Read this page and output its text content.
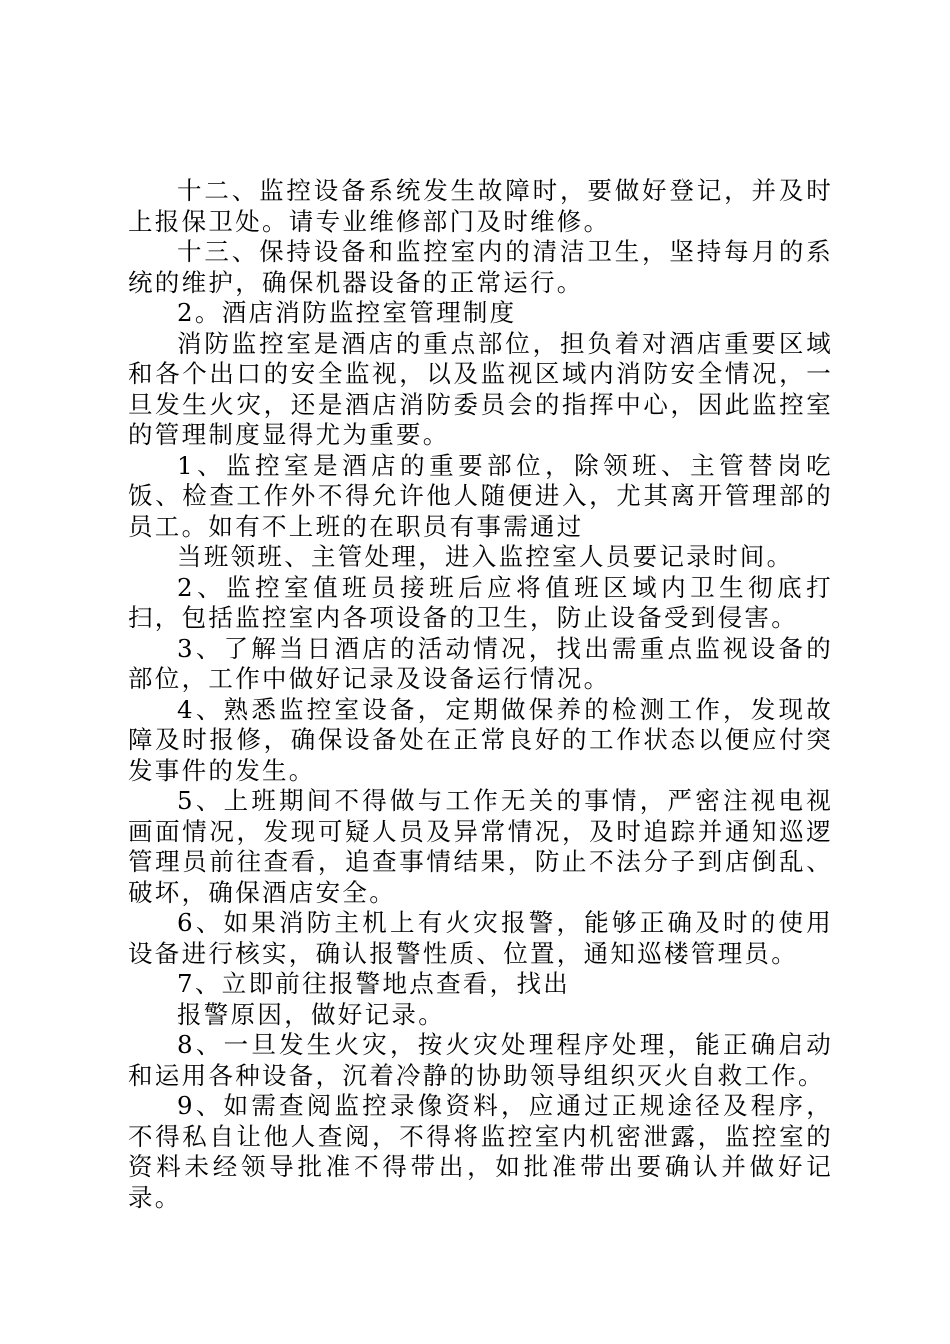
十二、监控设备系统发生故障时，要做好登记，并及时上报保卫处。请专业维修部门及时维修。

十三、保持设备和监控室内的清洁卫生，坚持每月的系统的维护，确保机器设备的正常运行。

2。酒店消防监控室管理制度

消防监控室是酒店的重点部位，担负着对酒店重要区域和各个出口的安全监视，以及监视区域内消防安全情况，一旦发生火灾，还是酒店消防委员会的指挥中心，因此监控室的管理制度显得尤为重要。

1、监控室是酒店的重要部位，除领班、主管替岗吃饭、检查工作外不得允许他人随便进入，尤其离开管理部的员工。如有不上班的在职员有事需通过

当班领班、主管处理，进入监控室人员要记录时间。

2、监控室值班员接班后应将值班区域内卫生彻底打扫，包括监控室内各项设备的卫生，防止设备受到侵害。

3、了解当日酒店的活动情况，找出需重点监视设备的部位，工作中做好记录及设备运行情况。

4、熟悉监控室设备，定期做保养的检测工作，发现故障及时报修，确保设备处在正常良好的工作状态以便应付突发事件的发生。

5、上班期间不得做与工作无关的事情，严密注视电视画面情况，发现可疑人员及异常情况，及时追踪并通知巡逻管理员前往查看，追查事情结果，防止不法分子到店倒乱、破坏，确保酒店安全。

6、如果消防主机上有火灾报警，能够正确及时的使用设备进行核实，确认报警性质、位置，通知巡楼管理员。

7、立即前往报警地点查看，找出

报警原因，做好记录。

8、一旦发生火灾，按火灾处理程序处理，能正确启动和运用各种设备，沉着冷静的协助领导组织灭火自救工作。

9、如需查阅监控录像资料，应通过正规途径及程序，不得私自让他人查阅，不得将监控室内机密泄露，监控室的资料未经领导批准不得带出，如批准带出要确认并做好记录。
